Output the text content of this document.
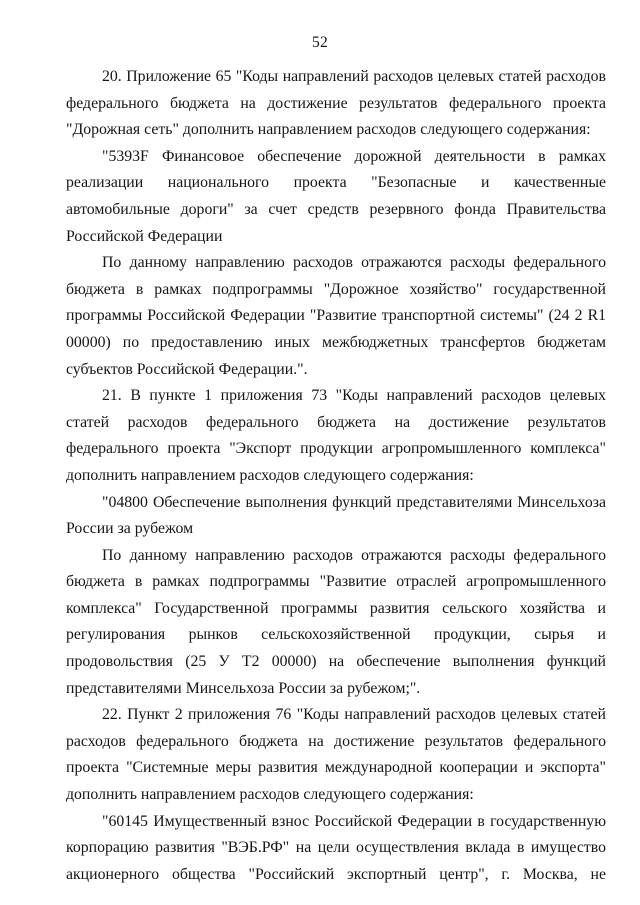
52

20. Приложение 65 "Коды направлений расходов целевых статей расходов федерального бюджета на достижение результатов федерального проекта "Дорожная сеть" дополнить направлением расходов следующего содержания:

"5393F Финансовое обеспечение дорожной деятельности в рамках реализации национального проекта "Безопасные и качественные автомобильные дороги" за счет средств резервного фонда Правительства Российской Федерации

По данному направлению расходов отражаются расходы федерального бюджета в рамках подпрограммы "Дорожное хозяйство" государственной программы Российской Федерации "Развитие транспортной системы" (24 2 R1 00000) по предоставлению иных межбюджетных трансфертов бюджетам субъектов Российской Федерации.".

21. В пункте 1 приложения 73 "Коды направлений расходов целевых статей расходов федерального бюджета на достижение результатов федерального проекта "Экспорт продукции агропромышленного комплекса" дополнить направлением расходов следующего содержания:

"04800 Обеспечение выполнения функций представителями Минсельхоза России за рубежом

По данному направлению расходов отражаются расходы федерального бюджета в рамках подпрограммы "Развитие отраслей агропромышленного комплекса" Государственной программы развития сельского хозяйства и регулирования рынков сельскохозяйственной продукции, сырья и продовольствия (25 У Т2 00000) на обеспечение выполнения функций представителями Минсельхоза России за рубежом;".

22. Пункт 2 приложения 76 "Коды направлений расходов целевых статей расходов федерального бюджета на достижение результатов федерального проекта "Системные меры развития международной кооперации и экспорта" дополнить направлением расходов следующего содержания:

"60145 Имущественный взнос Российской Федерации в государственную корпорацию развития "ВЭБ.РФ" на цели осуществления вклада в имущество акционерного общества "Российский экспортный центр", г. Москва, не
